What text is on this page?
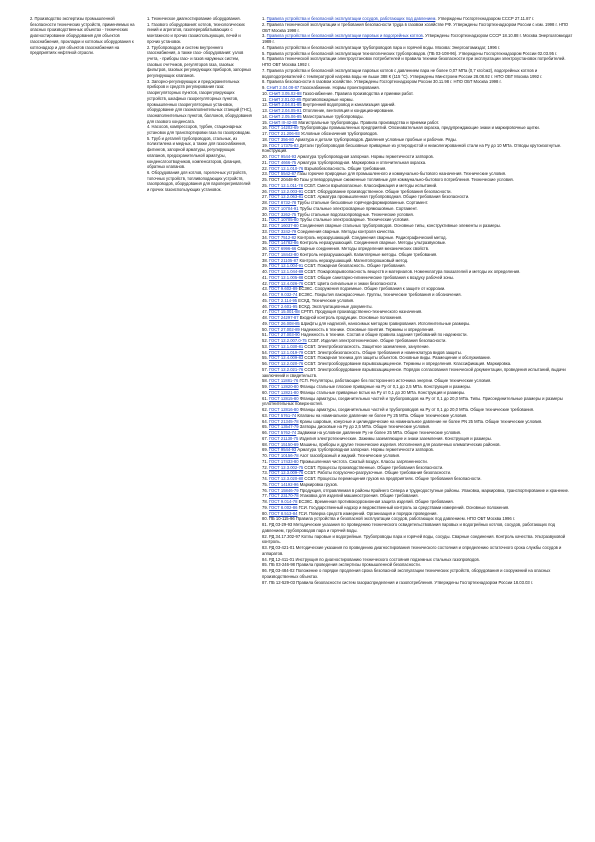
2. Производство экспертизы промышленной безопасности технических устройств, применяемых на опасных производственных объектах - технических диагностирование оборудования для объектов газоснабжения, прокладки и котловых оборудования к котлонадзор и для объектов газоснабжения на предприятиях нефтяной отрасли.

1. Техническое диагностирование оборудования.
1. Газового оборудования: котлов, технологических линий и агрегатов, газоперерабатывающих с монтажного и прочих газоиспользующих, печей и прочих установок.
2. Трубопроводов и систем внутреннего газоснабжения, а также газо- оборудования: узлов учета, - приборы газо- и газов наружных систем, газовых счетчиков, регуляторов газа, газовых фильтров, газовых регулирующих приборов, запорных регулирующих клапанов.
3. Запорно-регулирующих и предохранительных приборов и средств регулирования газа: газорегуляторных пунктов, газорегулирующих устройств, шкафных газорегуляторных пунктов, промышленных газорегуляторных установок, оборудование для газонаполнительных станций (ГНС), газонаполнительных пунктов, баллонов, оборудования для газового конденсата.
4. Насосов, компрессоров, турбин, стационарных установок для транспортировки газа по газопроводам.
5. Труб и деталей трубопроводов, стальных, из полиэтилена и медных, а также для газоснабжения, фитингов, запорной арматуры, регулирующих клапанов, предохранительной арматуры, конденсатоотводчиков, компенсаторов, фланцев, обратных клапанов.
6. Оборудования для котлов, горелочных устройств, топочных устройств, топливоподающих устройств, газопроводов, оборудования для пароперегревателей и прочих газоиспользующих установок.
1. Правила устройства и безопасной эксплуатации сосудов, работающих под давлением. Утверждены Госгортехнадзором СССР 27.11.87 г.
2. Правила технической эксплуатации и требования безопасности труда в газовом хозяйстве РФ. Утверждены Госгортехнадзором России с изм. 1998 г. НПО ОБТ Москва 1998 г.
3. Правила устройства и безопасной эксплуатации паровых и водогрейных котлов. Утверждены Госгортехнадзором СССР 18.10.88 г. Москва Энергоатомиздат 1989 г.
4. Правила устройства и безопасной эксплуатации трубопроводов пара и горячей воды. Москва: Энергоатомиздат, 1996 г.
5. Правила устройства и безопасной эксплуатации технологических трубопроводов. (ПБ 03-108-96). Утверждены Госгортехнадзором России 02.03.95 г.
6. Правила технической эксплуатации электроустановок потребителей и правила техники безопасности при эксплуатации электроустановок потребителей. НПО ОБТ Москва 1992 г.
7. Правила устройства и безопасной эксплуатации паровых котлов с давлением пара не более 0,07 МПа (0,7 кгс/см2), водогрейных котлов и водоподогревателей с температурой нагрева воды не выше 388 К (115 °С). Утверждены Минстроем России 28.08.92 г. НПО ОБТ Москва 1992 г.
8. Правила безопасности в газовом хозяйстве. Утверждены Госгортехнадзором России 30.11.98 г. НПО ОБТ Москва 1998 г.
9. СНиП 2.04.08-87 Газоснабжение. Нормы проектирования.
10. СНиП 3.05.02-88 Газоснабжение. Правила производства и приемки работ.
11. СНиП 2.01.02-85 Противопожарные нормы.
12. СНиП 2.04.01-85 Внутренний водопровод и канализация зданий.
13. СНиП 2.04.05-91 Отопление, вентиляция и кондиционирование.
14. СНиП 2.05.06-85 Магистральные трубопроводы.
15. СНиП III-42-80 Магистральные трубопроводы. Правила производства и приемки работ.
16. ГОСТ 14202-69 Трубопроводы промышленных предприятий. Опознавательная окраска, предупреждающие знаки и маркировочные щитки.
17. ГОСТ 21.206-93 Условные обозначения трубопроводов.
18. ГОСТ 356-80 Арматура и детали трубопроводов. Давления условные пробные и рабочие. Ряды.
19. ГОСТ 17375-83 Детали трубопроводов бесшовные приварные из углеродистой и низколегированной стали на Ру до 10 МПа. Отводы крутоизогнутые. Конструкция.
20. ГОСТ 9544-93 Арматура трубопроводная запорная. Нормы герметичности затворов.
21. ГОСТ 4666-75 Арматура трубопроводная. Маркировка и отличительная окраска.
22. ГОСТ 12.1.010-76 Взрывобезопасность. Общие требования.
23. ГОСТ 5542-87 Газы горючие природные для промышленного и коммунально-бытового назначения. Технические условия.
25. ГОСТ 20448-90 Газы углеводородные сжиженные топливные для коммунально-бытового потребления. Технические условия.
25. ГОСТ 12.1.011-78 ССБТ. Смеси взрывоопасные. Классификация и методы испытаний.
26. ГОСТ 12.2.003-91 ССБТ. Оборудование производственное. Общие требования безопасности.
27. ГОСТ 12.2.063-81 ССБТ. Арматура промышленная трубопроводная. Общие требования безопасности.
28. ГОСТ 8732-78 Трубы стальные бесшовные горячедеформированные. Сортамент.
29. ГОСТ 10704-91 Трубы стальные электросварные прямошовные. Сортамент.
30. ГОСТ 3262-75 Трубы стальные водогазопроводные. Технические условия.
31. ГОСТ 10705-80 Трубы стальные электросварные. Технические условия.
32. ГОСТ 16037-80 Соединения сварные стальных трубопроводов. Основные типы, конструктивные элементы и размеры.
33. ГОСТ 3242-79 Соединения сварные. Методы контроля качества.
34. ГОСТ 7512-82 Контроль неразрушающий. Соединения сварные. Радиографический метод.
35. ГОСТ 14782-86 Контроль неразрушающий. Соединения сварные. Методы ультразвуковые.
36. ГОСТ 6996-66 Сварные соединения. Методы определения механических свойств.
37. ГОСТ 18442-80 Контроль неразрушающий. Капиллярные методы. Общие требования.
38. ГОСТ 21105-87 Контроль неразрушающий. Магнитопорошковый метод.
39. ГОСТ 12.1.004-91 ССБТ. Пожарная безопасность. Общие требования.
40. ГОСТ 12.1.044-89 ССБТ. Пожаровзрывоопасность веществ и материалов. Номенклатура показателей и методы их определения.
41. ГОСТ 12.1.005-88 ССБТ. Общие санитарно-гигиенические требования к воздуху рабочей зоны.
42. ГОСТ 12.4.026-76 ССБТ. Цвета сигнальные и знаки безопасности.
43. ГОСТ 9.602-89 ЕСЗКС. Сооружения подземные. Общие требования к защите от коррозии.
44. ГОСТ 9.032-74 ЕСЗКС. Покрытия лакокрасочные. Группы, технические требования и обозначения.
45. ГОСТ 2.114-95 ЕСКД. Технические условия.
46. ГОСТ 2.601-95 ЕСКД. Эксплуатационные документы.
47. ГОСТ 15.001-88 СРПП. Продукция производственно-технического назначения.
48. ГОСТ 24297-87 Входной контроль продукции. Основные положения.
49. ГОСТ 26.008-85 Шрифты для надписей, наносимых методом гравирования. Исполнительные размеры.
50. ГОСТ 27.002-89 Надежность в технике. Основные понятия. Термины и определения.
51. ГОСТ 27.003-90 Надежность в технике. Состав и общие правила задания требований по надежности.
52. ГОСТ 12.2.007.0-75 ССБТ. Изделия электротехнические. Общие требования безопасности.
53. ГОСТ 12.1.030-81 ССБТ. Электробезопасность. Защитное заземление, зануление.
54. ГОСТ 12.1.019-79 ССБТ. Электробезопасность. Общие требования и номенклатура видов защиты.
55. ГОСТ 12.4.009-83 ССБТ. Пожарная техника для защиты объектов. Основные виды. Размещение и обслуживание.
56. ГОСТ 12.2.020-76 ССБТ. Электрооборудование взрывозащищенное. Термины и определения. Классификация. Маркировка.
57. ГОСТ 12.2.021-76 ССБТ. Электрооборудование взрывозащищенное. Порядок согласования технической документации, проведения испытаний, выдачи заключений и свидетельств.
58. ГОСТ 11881-76 ГСП. Регуляторы, работающие без постороннего источника энергии. Общие технические условия.
59. ГОСТ 12820-80 Фланцы стальные плоские приварные на Ру от 0,1 до 2,5 МПа. Конструкция и размеры.
60. ГОСТ 12821-80 Фланцы стальные приварные встык на Ру от 0,1 до 20 МПа. Конструкция и размеры.
61. ГОСТ 12815-80 Фланцы арматуры, соединительных частей и трубопроводов на Ру от 0,1 до 20,0 МПа. Типы. Присоединительные размеры и размеры уплотнительных поверхностей.
62. ГОСТ 12816-80 Фланцы арматуры, соединительных частей и трубопроводов на Ру от 0,1 до 20,0 МПа. Общие технические требования.
63. ГОСТ 5761-74 Клапаны на номинальное давление не более Ру 25 МПа. Общие технические условия.
64. ГОСТ 21345-78 Краны шаровые, конусные и цилиндрические на номинальное давление не более PN 25 МПа. Общие технические условия.
65. ГОСТ 13547-79 Затворы дисковые на Ру до 2,5 МПа. Общие технические условия.
66. ГОСТ 5762-74 Задвижки на условное давление Ру не более 25 МПа. Общие технические условия.
67. ГОСТ 21130-75 Изделия электротехнические. Зажимы заземляющие и знаки заземления. Конструкция и размеры.
68. ГОСТ 15150-69 Машины, приборы и другие технические изделия. Исполнения для различных климатических районов.
69. ГОСТ 9544-93 Арматура трубопроводная запорная. Нормы герметичности затворов.
70. ГОСТ 10156-78 Азот газообразный и жидкий. Технические условия.
71. ГОСТ 17433-80 Промышленная чистота. Сжатый воздух. Классы загрязненности.
72. ГОСТ 12.3.002-75 ССБТ. Процессы производственные. Общие требования безопасности.
73. ГОСТ 12.3.009-76 ССБТ. Работы погрузочно-разгрузочные. Общие требования безопасности.
74. ГОСТ 12.3.020-80 ССБТ. Процессы перемещения грузов на предприятиях. Общие требования безопасности.
75. ГОСТ 14192-96 Маркировка грузов.
76. ГОСТ 15846-79 Продукция, отправляемая в районы Крайнего Севера и труднодоступные районы. Упаковка, маркировка, транспортирование и хранение.
77. ГОСТ 23170-78 Упаковка для изделий машиностроения. Общие требования.
78. ГОСТ 9.014-78 ЕСЗКС. Временная противокоррозионная защита изделий. Общие требования.
79. ГОСТ 8.002-86 ГСИ. Государственный надзор и ведомственный контроль за средствами измерений. Основные положения.
80. ГОСТ 8.513-84 ГСИ. Поверка средств измерений. Организация и порядок проведения.
80. ПБ 10-115-96 Правила устройства и безопасной эксплуатации сосудов, работающих под давлением. НПО ОБТ Москва 1996 г.
81. РД 03-29-93 Методические указания по проведению технического освидетельствования паровых и водогрейных котлов, сосудов, работающих под давлением, трубопроводов пара и горячей воды.
82. РД 34.17.302-97 Котлы паровые и водогрейные. Трубопроводы пара и горячей воды, сосуды. Сварные соединения. Контроль качества. Ультразвуковой контроль.
83. РД 03-421-01 Методические указания по проведению диагностирования технического состояния и определению остаточного срока службы сосудов и аппаратов.
84. РД 12-411-01 Инструкция по диагностированию технического состояния подземных стальных газопроводов.
85. ПБ 03-246-98 Правила проведения экспертизы промышленной безопасности.
86. РД 03-484-02 Положение о порядке продления срока безопасной эксплуатации технических устройств, оборудования и сооружений на опасных производственных объектах.
87. ПБ 12-529-03 Правила безопасности систем газораспределения и газопотребления. Утверждены Госгортехнадзором России 18.03.03 г.
